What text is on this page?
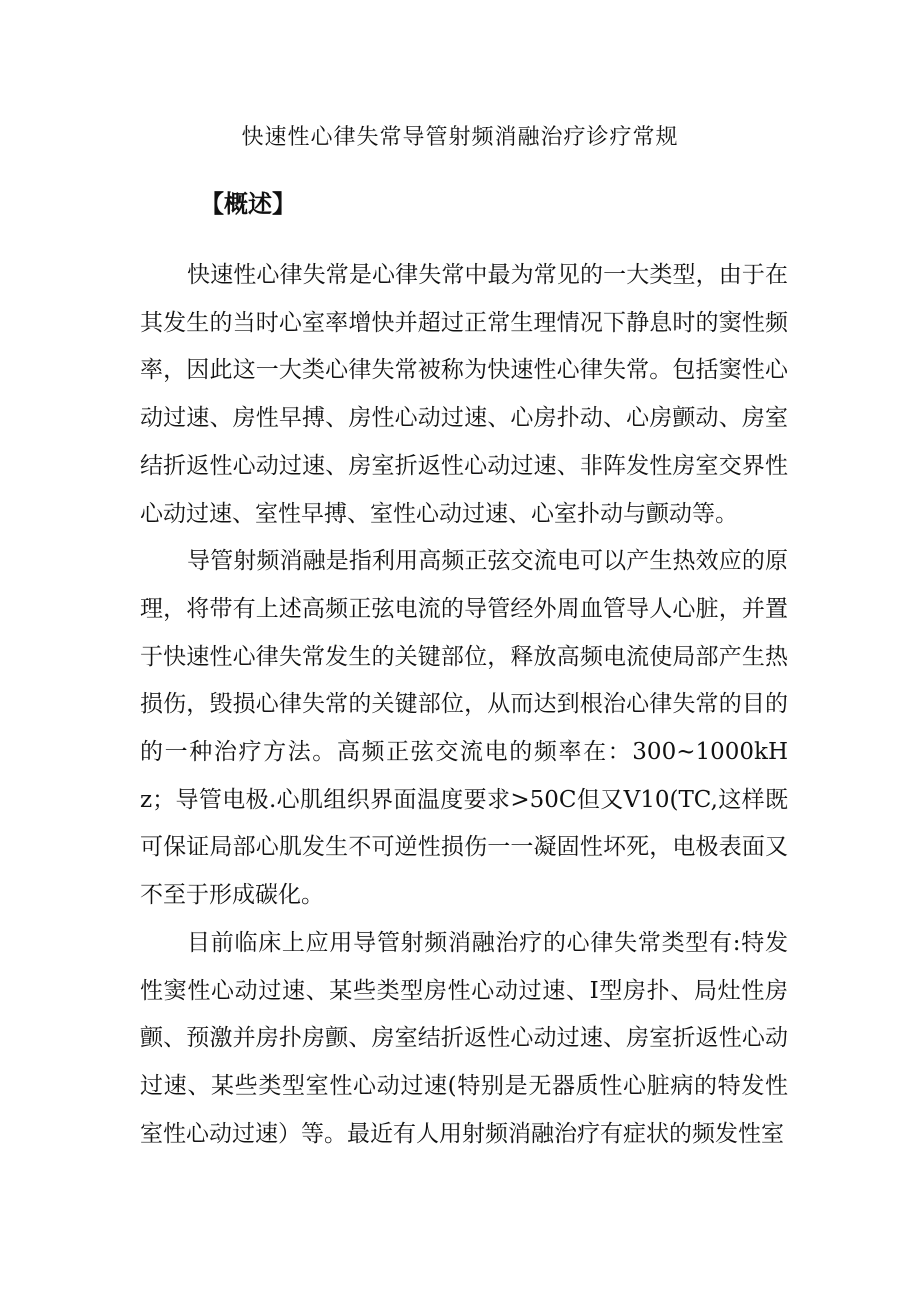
快速性心律失常导管射频消融治疗诊疗常规
【概述】

快速性心律失常是心律失常中最为常见的一大类型，由于在其发生的当时心室率增快并超过正常生理情况下静息时的窦性频率，因此这一大类心律失常被称为快速性心律失常。包括窦性心动过速、房性早搏、房性心动过速、心房扑动、心房颤动、房室结折返性心动过速、房室折返性心动过速、非阵发性房室交界性心动过速、室性早搏、室性心动过速、心室扑动与颤动等。

导管射频消融是指利用高频正弦交流电可以产生热效应的原理，将带有上述高频正弦电流的导管经外周血管导人心脏，并置于快速性心律失常发生的关键部位，释放高频电流使局部产生热损伤，毁损心律失常的关键部位，从而达到根治心律失常的目的的一种治疗方法。高频正弦交流电的频率在：300~1000kHz；导管电极.心肌组织界面温度要求>50C但又V10(TC,这样既可保证局部心肌发生不可逆性损伤一一凝固性坏死，电极表面又不至于形成碳化。

目前临床上应用导管射频消融治疗的心律失常类型有:特发性窦性心动过速、某些类型房性心动过速、I型房扑、局灶性房颤、预激并房扑房颤、房室结折返性心动过速、房室折返性心动过速、某些类型室性心动过速(特别是无器质性心脏病的特发性室性心动过速）等。最近有人用射频消融治疗有症状的频发性室
